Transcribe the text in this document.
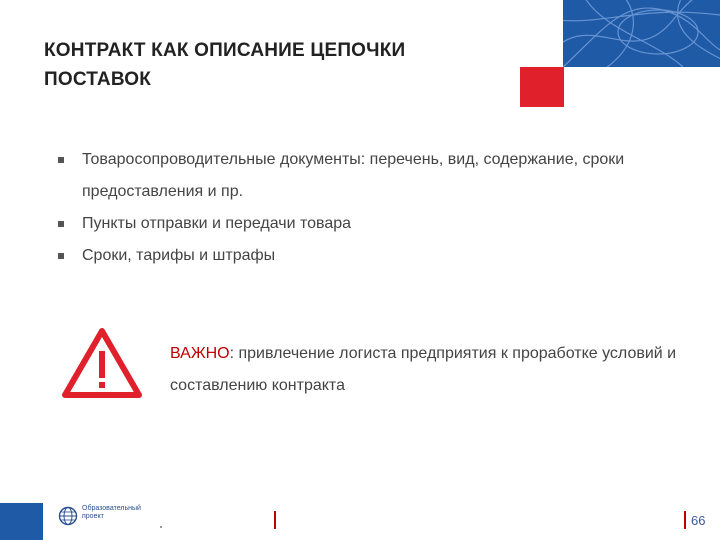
КОНТРАКТ КАК ОПИСАНИЕ ЦЕПОЧКИ
ПОСТАВОК
Товаросопроводительные документы: перечень, вид, содержание, сроки предоставления и пр.
Пункты отправки и передачи товара
Сроки, тарифы и штрафы
ВАЖНО: привлечение логиста предприятия к проработке условий и составлению контракта
Образовательный
проект	66
